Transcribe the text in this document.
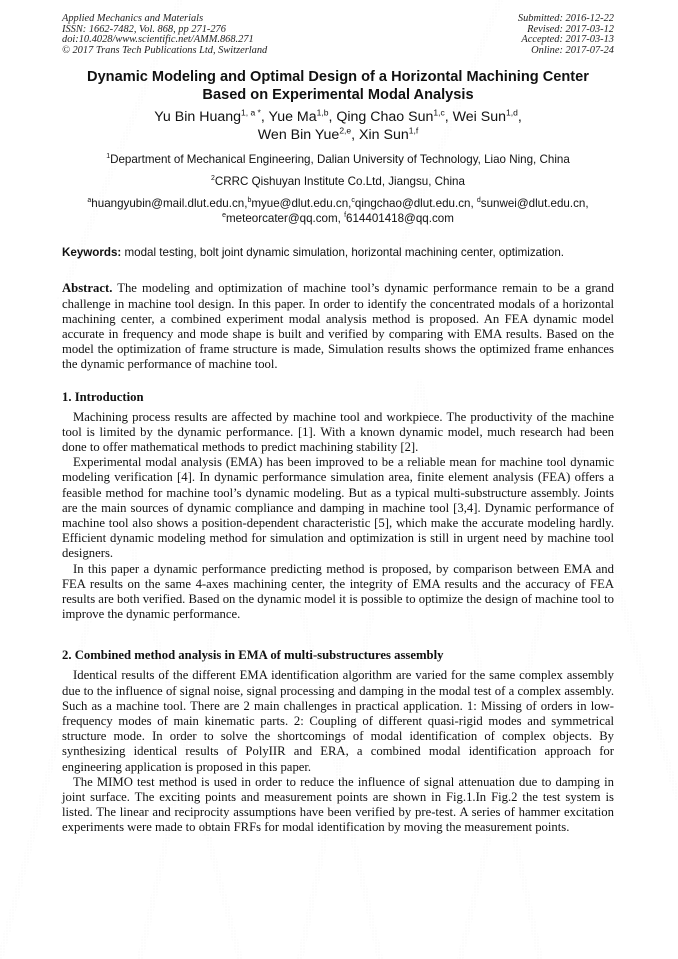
Applied Mechanics and Materials
ISSN: 1662-7482, Vol. 868, pp 271-276
doi:10.4028/www.scientific.net/AMM.868.271
© 2017 Trans Tech Publications Ltd, Switzerland
Submitted: 2016-12-22
Revised: 2017-03-12
Accepted: 2017-03-13
Online: 2017-07-24
Dynamic Modeling and Optimal Design of a Horizontal Machining Center
Based on Experimental Modal Analysis
Yu Bin Huang$^{1, a *}$, Yue Ma$^{1,b}$, Qing Chao Sun$^{1,c}$, Wei Sun$^{1,d}$,
Wen Bin Yue$^{2,e}$, Xin Sun$^{1,f}$
$^1$Department of Mechanical Engineering, Dalian University of Technology, Liao Ning, China
$^2$CRRC Qishuyan Institute Co.Ltd, Jiangsu, China
$^a$huangyubin@mail.dlut.edu.cn,$^b$myue@dlut.edu.cn,$^c$qingchao@dlut.edu.cn, $^d$sunwei@dlut.edu.cn,
$^e$meteorcater@qq.com, $^f$614401418@qq.com
Keywords: modal testing, bolt joint dynamic simulation, horizontal machining center, optimization.
Abstract. The modeling and optimization of machine tool’s dynamic performance remain to be a grand challenge in machine tool design. In this paper. In order to identify the concentrated modals of a horizontal machining center, a combined experiment modal analysis method is proposed. An FEA dynamic model accurate in frequency and mode shape is built and verified by comparing with EMA results. Based on the model the optimization of frame structure is made, Simulation results shows the optimized frame enhances the dynamic performance of machine tool.
1. Introduction

Machining process results are affected by machine tool and workpiece. The productivity of the machine tool is limited by the dynamic performance. [1]. With a known dynamic model, much research had been done to offer mathematical methods to predict machining stability [2].

Experimental modal analysis (EMA) has been improved to be a reliable mean for machine tool dynamic modeling verification [4]. In dynamic performance simulation area, finite element analysis (FEA) offers a feasible method for machine tool’s dynamic modeling. But as a typical multi-substructure assembly. Joints are the main sources of dynamic compliance and damping in machine tool [3,4]. Dynamic performance of machine tool also shows a position-dependent characteristic [5], which make the accurate modeling hardly. Efficient dynamic modeling method for simulation and optimization is still in urgent need by machine tool designers.

In this paper a dynamic performance predicting method is proposed, by comparison between EMA and FEA results on the same 4-axes machining center, the integrity of EMA results and the accuracy of FEA results are both verified. Based on the dynamic model it is possible to optimize the design of machine tool to improve the dynamic performance.

2. Combined method analysis in EMA of multi-substructures assembly

Identical results of the different EMA identification algorithm are varied for the same complex assembly due to the influence of signal noise, signal processing and damping in the modal test of a complex assembly. Such as a machine tool. There are 2 main challenges in practical application. 1: Missing of orders in low-frequency modes of main kinematic parts. 2: Coupling of different quasi-rigid modes and symmetrical structure mode. In order to solve the shortcomings of modal identification of complex objects. By synthesizing identical results of PolyIIR and ERA, a combined modal identification approach for engineering application is proposed in this paper.

The MIMO test method is used in order to reduce the influence of signal attenuation due to damping in joint surface. The exciting points and measurement points are shown in Fig.1.In Fig.2 the test system is listed. The linear and reciprocity assumptions have been verified by pre-test. A series of hammer excitation experiments were made to obtain FRFs for modal identification by moving the measurement points.
